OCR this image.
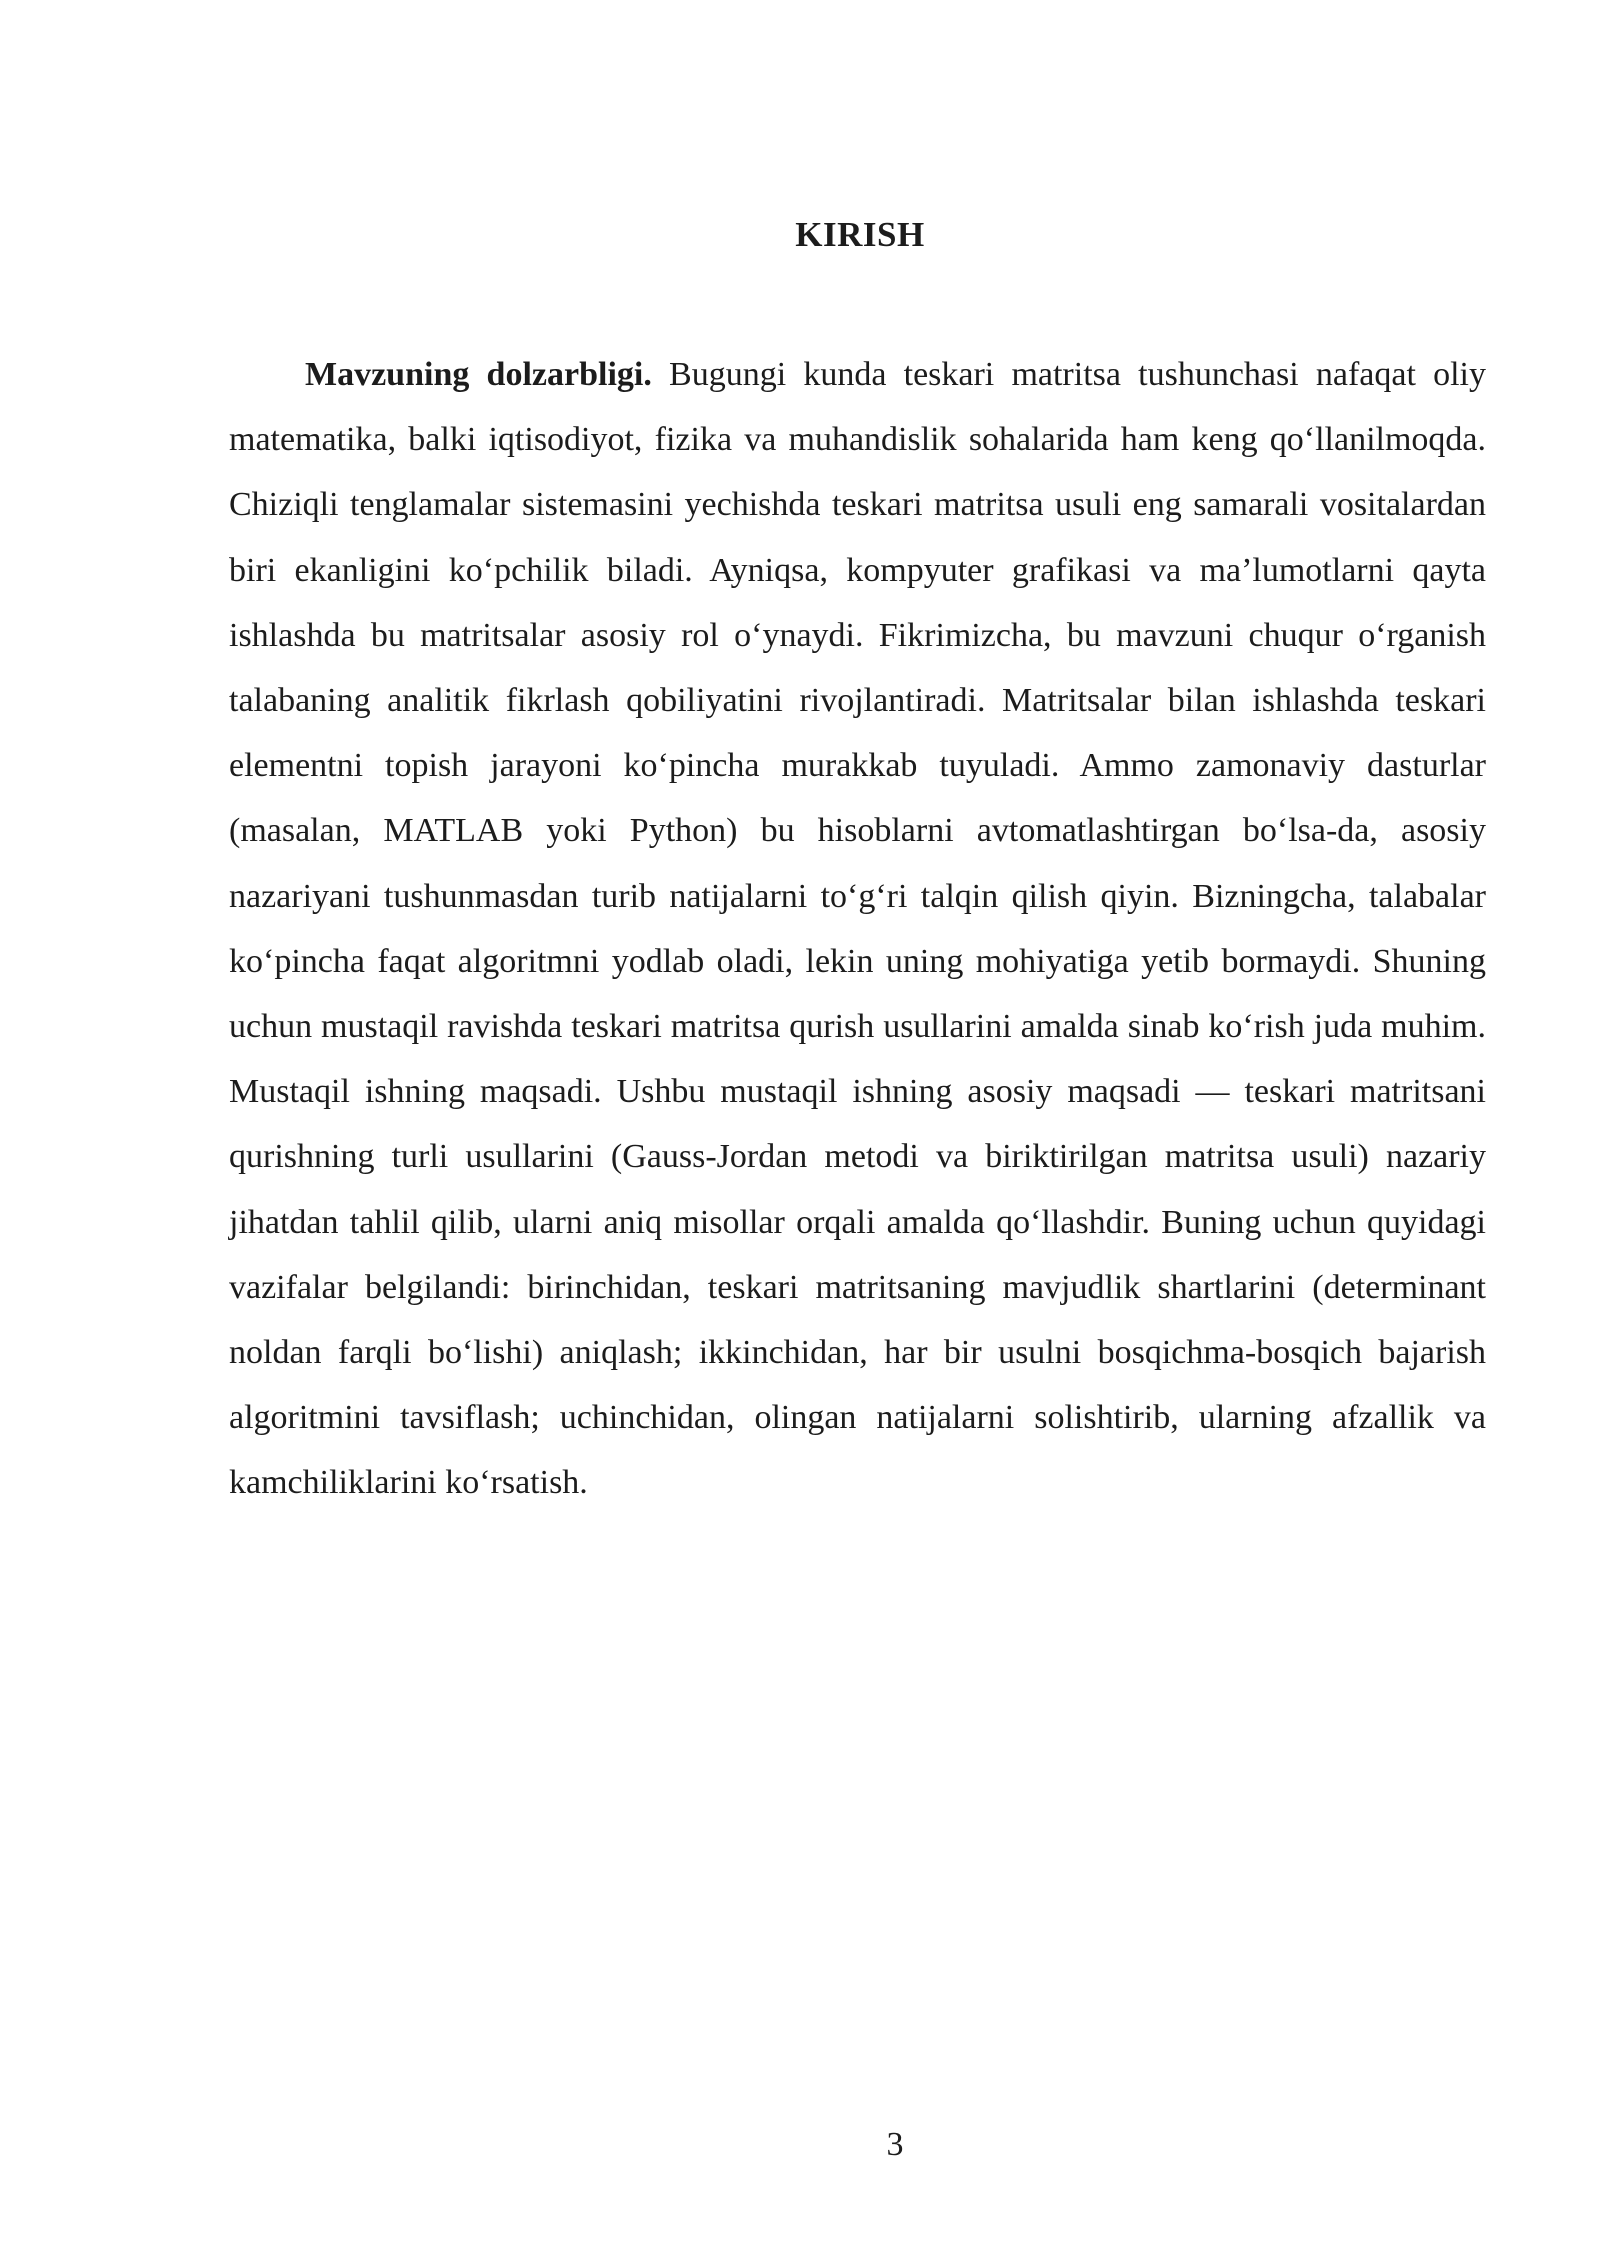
KIRISH

Mavzuning dolzarbligi. Bugungi kunda teskari matritsa tushunchasi nafaqat oliy matematika, balki iqtisodiyot, fizika va muhandislik sohalarida ham keng qo‘llanilmoqda. Chiziqli tenglamalar sistemasini yechishda teskari matritsa usuli eng samarali vositalardan biri ekanligini ko‘pchilik biladi. Ayniqsa, kompyuter grafikasi va ma’lumotlarni qayta ishlashda bu matritsalar asosiy rol o‘ynaydi. Fikrimizcha, bu mavzuni chuqur o‘rganish talabaning analitik fikrlash qobiliyatini rivojlantiradi. Matritsalar bilan ishlashda teskari elementni topish jarayoni ko‘pincha murakkab tuyuladi. Ammo zamonaviy dasturlar (masalan, MATLAB yoki Python) bu hisoblarni avtomatlashtirgan bo‘lsa-da, asosiy nazariyani tushunmasdan turib natijalarni to‘g‘ri talqin qilish qiyin. Bizningcha, talabalar ko‘pincha faqat algoritmni yodlab oladi, lekin uning mohiyatiga yetib bormaydi. Shuning uchun mustaqil ravishda teskari matritsa qurish usullarini amalda sinab ko‘rish juda muhim. Mustaqil ishning maqsadi. Ushbu mustaqil ishning asosiy maqsadi — teskari matritsani qurishning turli usullarini (Gauss-Jordan metodi va biriktirilgan matritsa usuli) nazariy jihatdan tahlil qilib, ularni aniq misollar orqali amalda qo‘llashdir. Buning uchun quyidagi vazifalar belgilandi: birinchidan, teskari matritsaning mavjudlik shartlarini (determinant noldan farqli bo‘lishi) aniqlash; ikkinchidan, har bir usulni bosqichma-bosqich bajarish algoritmini tavsiflash; uchinchidan, olingan natijalarni solishtirib, ularning afzallik va kamchiliklarini ko‘rsatish.

3
